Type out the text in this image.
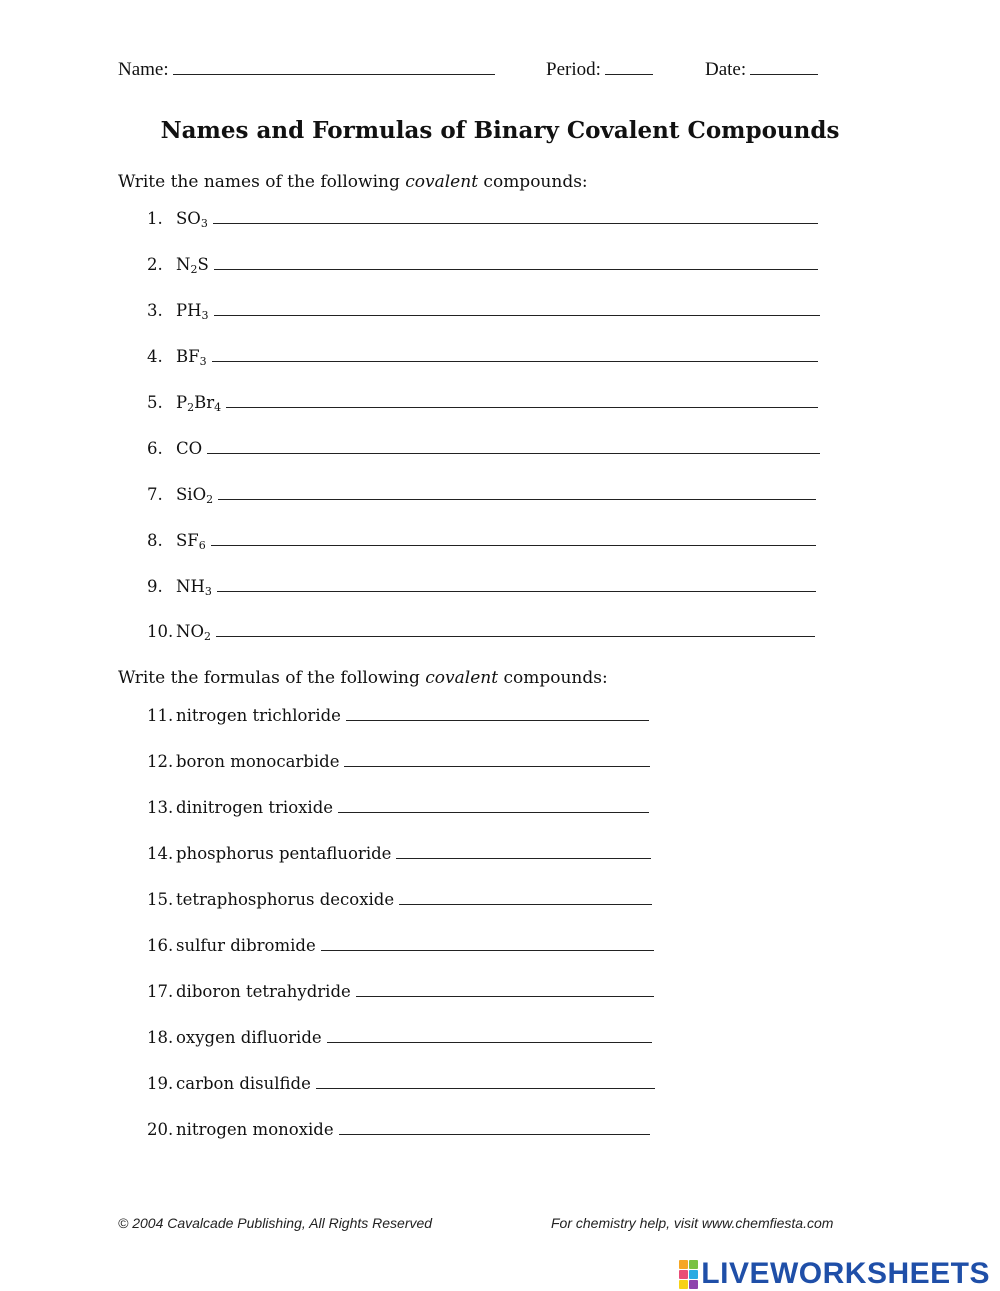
Name:	Period:	Date:
Names and Formulas of Binary Covalent Compounds
Write the names of the following covalent compounds:
1. $SO_3$
2. $N_2S$
3. $PH_3$
4. $BF_3$
5. $P_2Br_4$
6. CO
7. SiO$_2$
8. $SF_6$
9. $NH_3$
10. $NO_2$
Write the formulas of the following covalent compounds:
11. nitrogen trichloride
12. boron monocarbide
13. dinitrogen trioxide
14. phosphorus pentafluoride
15. tetraphosphorus decoxide
16. sulfur dibromide
17. diboron tetrahydride
18. oxygen difluoride
19. carbon disulfide
20. nitrogen monoxide
© 2004 Cavalcade Publishing, All Rights Reserved	For chemistry help, visit www.chemfiesta.com
LIVEWORKSHEETS
